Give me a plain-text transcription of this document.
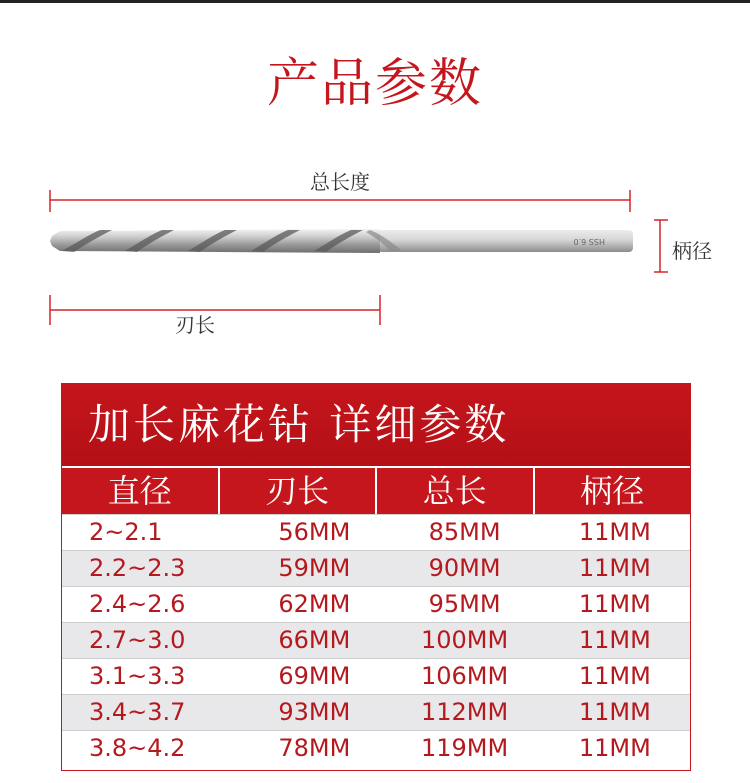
产品参数
HSS 6.0
总长度
柄径
刃长
加长麻花钻 详细参数
直径	刃长	总长	柄径
2~2.1	56MM	85MM	11MM
2.2~2.3	59MM	90MM	11MM
2.4~2.6	62MM	95MM	11MM
2.7~3.0	66MM	100MM	11MM
3.1~3.3	69MM	106MM	11MM
3.4~3.7	93MM	112MM	11MM
3.8~4.2	78MM	119MM	11MM
